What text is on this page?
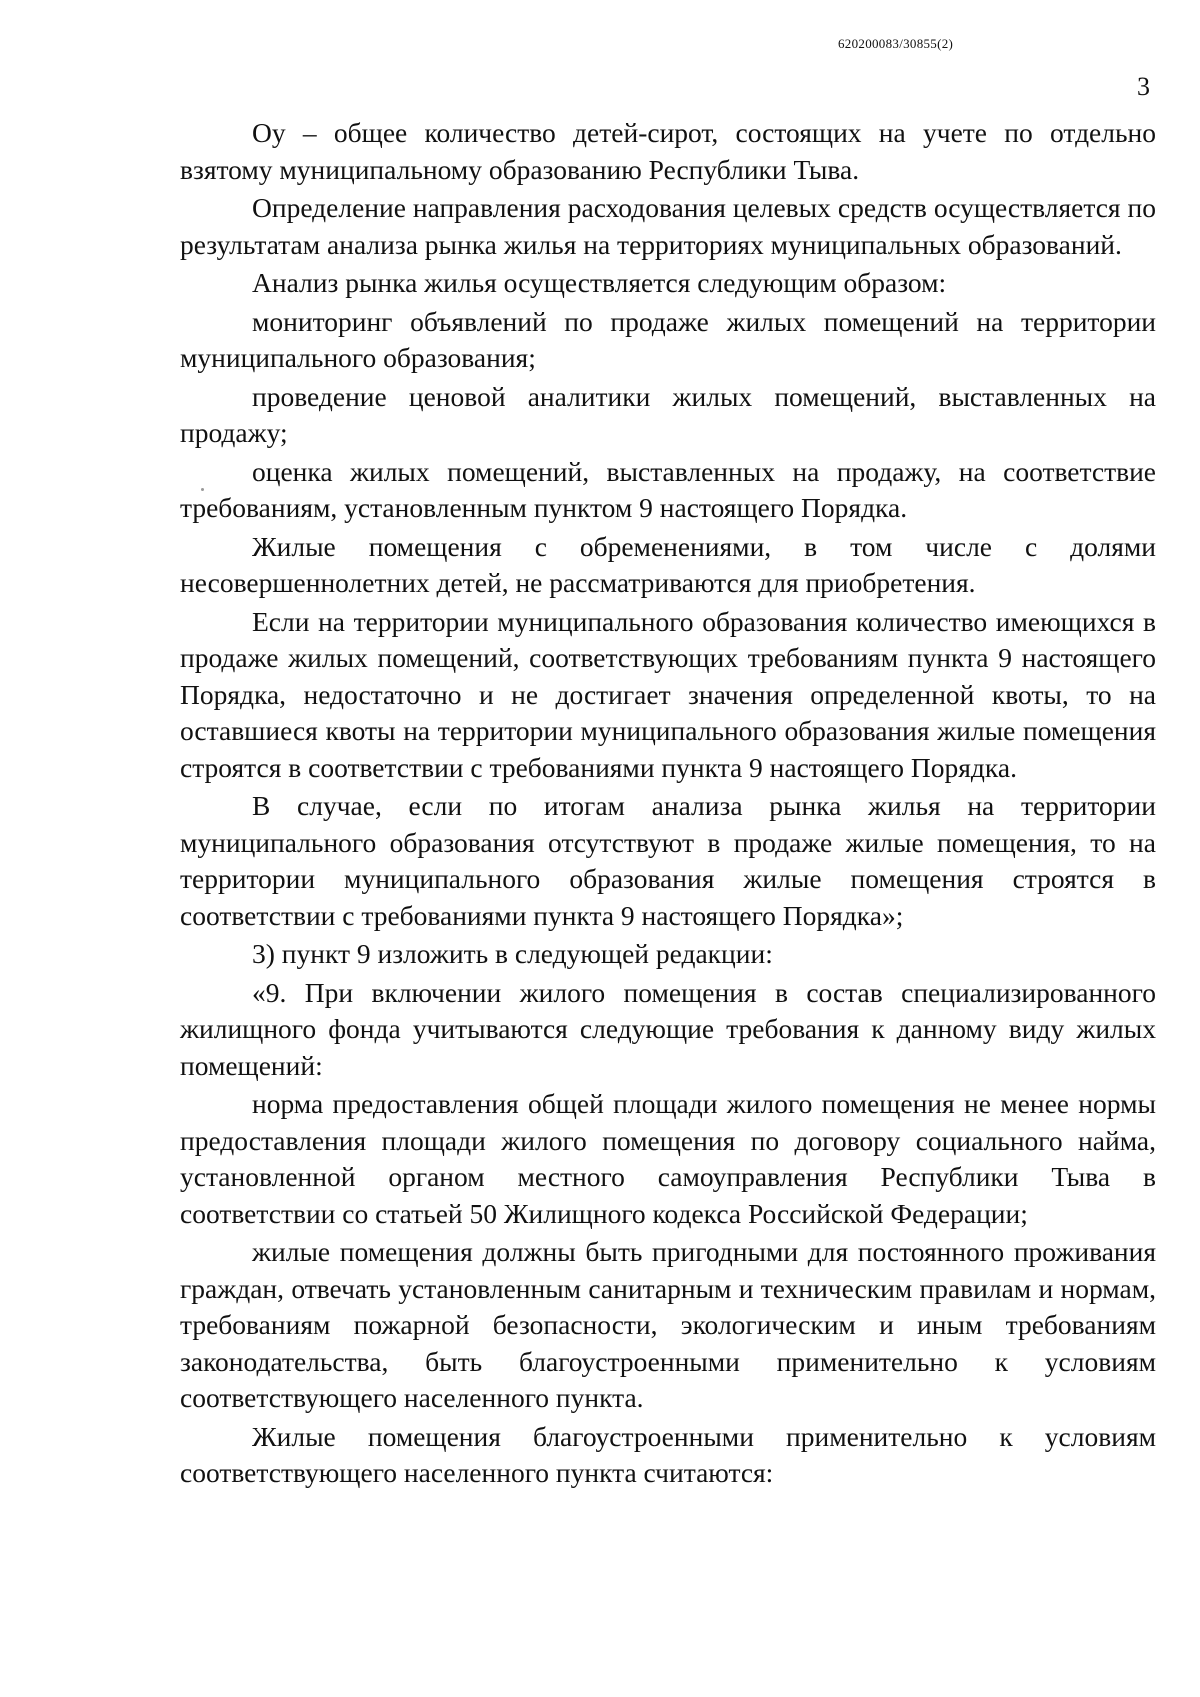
620200083/30855(2)
3

Оу – общее количество детей-сирот, состоящих на учете по отдельно взятому муниципальному образованию Республики Тыва.

Определение направления расходования целевых средств осуществляется по результатам анализа рынка жилья на территориях муниципальных образований.

Анализ рынка жилья осуществляется следующим образом:

мониторинг объявлений по продаже жилых помещений на территории муниципального образования;

проведение ценовой аналитики жилых помещений, выставленных на продажу;

оценка жилых помещений, выставленных на продажу, на соответствие требованиям, установленным пунктом 9 настоящего Порядка.

Жилые помещения с обременениями, в том числе с долями несовершеннолетних детей, не рассматриваются для приобретения.

Если на территории муниципального образования количество имеющихся в продаже жилых помещений, соответствующих требованиям пункта 9 настоящего Порядка, недостаточно и не достигает значения определенной квоты, то на оставшиеся квоты на территории муниципального образования жилые помещения строятся в соответствии с требованиями пункта 9 настоящего Порядка.

В случае, если по итогам анализа рынка жилья на территории муниципального образования отсутствуют в продаже жилые помещения, то на территории муниципального образования жилые помещения строятся в соответствии с требованиями пункта 9 настоящего Порядка»;

3) пункт 9 изложить в следующей редакции:

«9. При включении жилого помещения в состав специализированного жилищного фонда учитываются следующие требования к данному виду жилых помещений:

норма предоставления общей площади жилого помещения не менее нормы предоставления площади жилого помещения по договору социального найма, установленной органом местного самоуправления Республики Тыва в соответствии со статьей 50 Жилищного кодекса Российской Федерации;

жилые помещения должны быть пригодными для постоянного проживания граждан, отвечать установленным санитарным и техническим правилам и нормам, требованиям пожарной безопасности, экологическим и иным требованиям законодательства, быть благоустроенными применительно к условиям соответствующего населенного пункта.

Жилые помещения благоустроенными применительно к условиям соответствующего населенного пункта считаются:
